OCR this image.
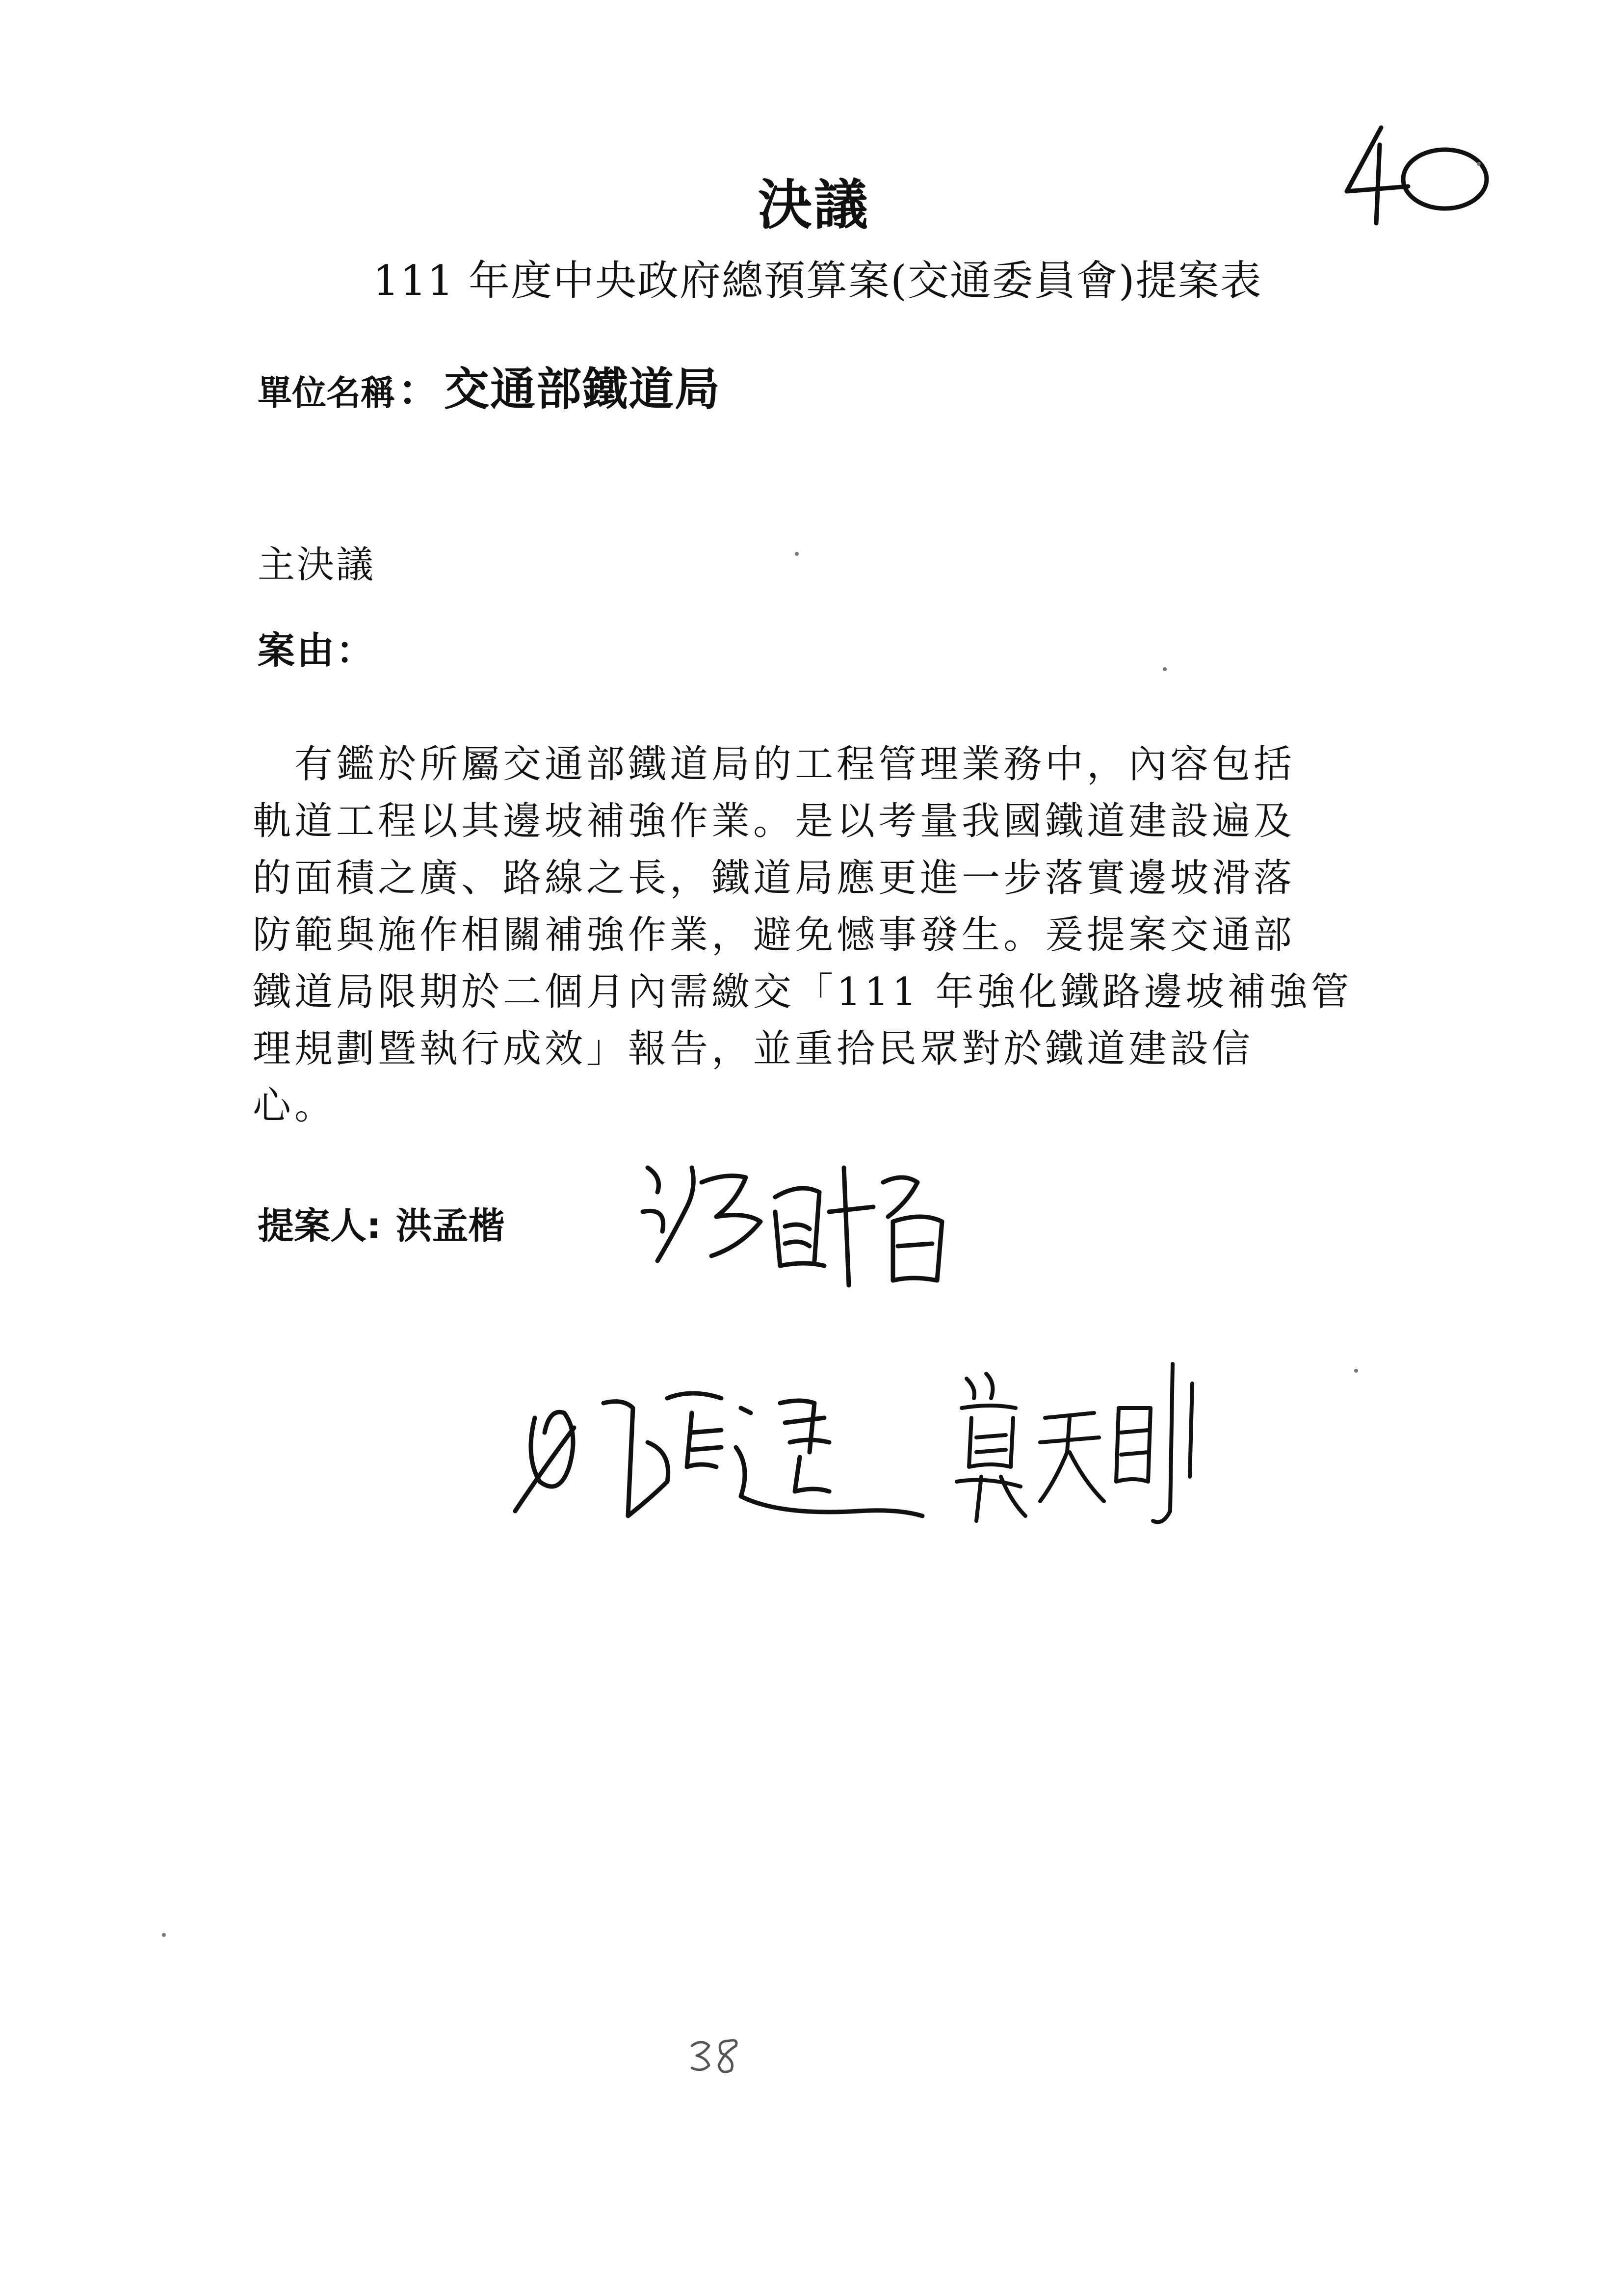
決議
111 年度中央政府總預算案(交通委員會)提案表
單位名稱 ： 交通部鐵道局
主決議
案由：
　有鑑於所屬交通部鐵道局的工程管理業務中，內容包括
軌道工程以其邊坡補強作業。是以考量我國鐵道建設遍及
的面積之廣、路線之長，鐵道局應更進一步落實邊坡滑落
防範與施作相關補強作業，避免憾事發生。爰提案交通部
鐵道局限期於二個月內需繳交「111 年強化鐵路邊坡補強管
理規劃暨執行成效」報告，並重拾民眾對於鐵道建設信
心。
提案人: 洪孟楷
